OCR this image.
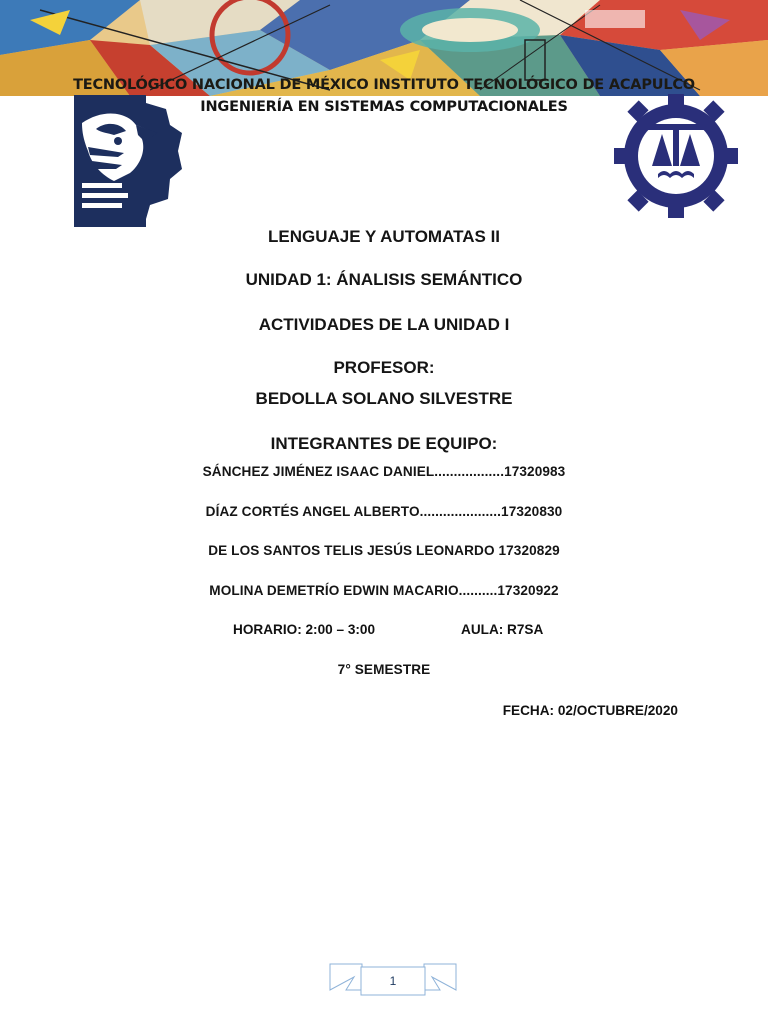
TECNOLÓGICO NACIONAL DE MÉXICO INSTITUTO TECNOLÓGICO DE ACAPULCO
INGENIERÍA EN SISTEMAS COMPUTACIONALES
LENGUAJE Y AUTOMATAS II
UNIDAD 1: ÁNALISIS SEMÁNTICO
ACTIVIDADES DE LA UNIDAD I
PROFESOR:
BEDOLLA SOLANO SILVESTRE
INTEGRANTES DE EQUIPO:
SÁNCHEZ JIMÉNEZ ISAAC DANIEL..................17320983
DÍAZ CORTÉS ANGEL ALBERTO.....................17320830
DE LOS SANTOS TELIS JESÚS LEONARDO 17320829
MOLINA DEMETRÍO EDWIN MACARIO..........17320922
HORARIO: 2:00 – 3:00	AULA: R7SA
7° SEMESTRE
FECHA: 02/OCTUBRE/2020
1
